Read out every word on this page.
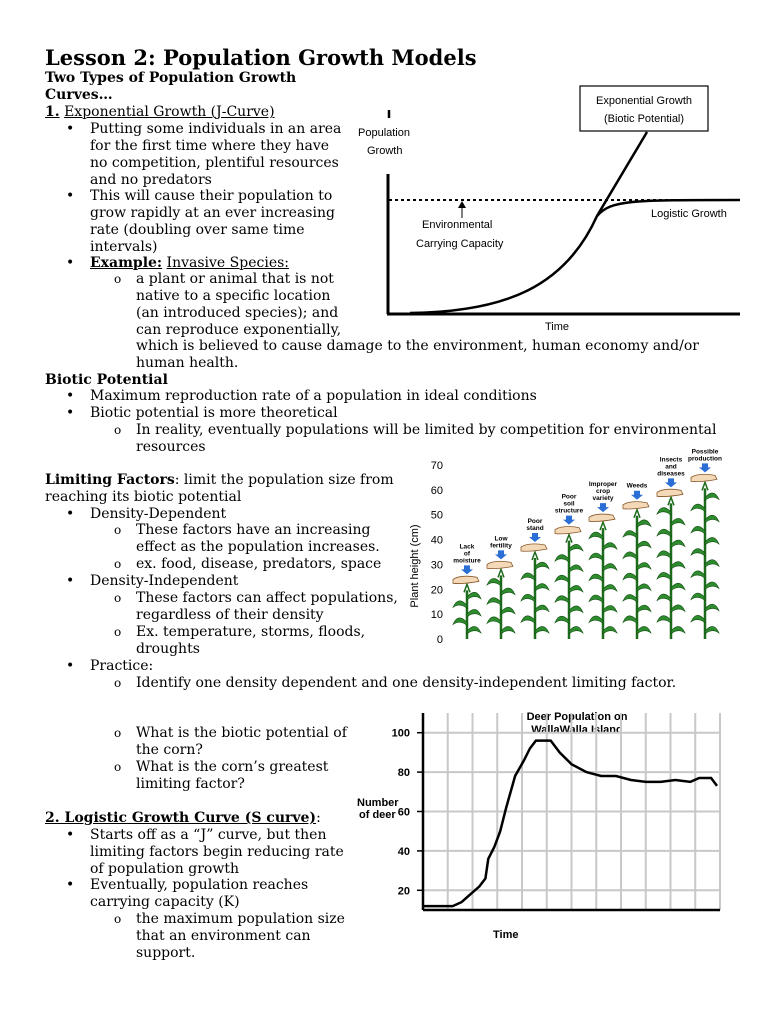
Lesson 2: Population Growth Models
Two Types of Population Growth
Curves…
1. Exponential Growth (J-Curve)
• Putting some individuals in an area
for the first time where they have
no competition, plentiful resources
and no predators
• This will cause their population to
grow rapidly at an ever increasing
rate (doubling over same time
intervals)
• Example: Invasive Species:
o a plant or animal that is not
native to a specific location
(an introduced species); and
can reproduce exponentially,
which is believed to cause damage to the environment, human economy and/or
human health.
Biotic Potential
• Maximum reproduction rate of a population in ideal conditions
• Biotic potential is more theoretical
o In reality, eventually populations will be limited by competition for environmental
resources
Limiting Factors: limit the population size from
reaching its biotic potential
• Density-Dependent
o These factors have an increasing
effect as the population increases.
o ex. food, disease, predators, space
• Density-Independent
o These factors can affect populations,
regardless of their density
o Ex. temperature, storms, floods,
droughts
• Practice:
o Identify one density dependent and one density-independent limiting factor.
o What is the biotic potential of
the corn?
o What is the corn’s greatest
limiting factor?
2. Logistic Growth Curve (S curve):
• Starts off as a “J” curve, but then
limiting factors begin reducing rate
of population growth
• Eventually, population reaches
carrying capacity (K)
o the maximum population size
that an environment can
support.
Population
Growth
Time
Exponential Growth
(Biotic Potential)
Logistic Growth
Environmental
Carrying Capacity
Plant height (cm)
70
60
50
40
30
20
10
0
Lack
of
moisture
Low
fertility
Poor
stand
Poor
soil
structure
Improper
crop
variety
Weeds
Insects
and
diseases
Possible
production
Deer Population on
WallaWalla Island
Number
of deer
Time
20
40
60
80
100
